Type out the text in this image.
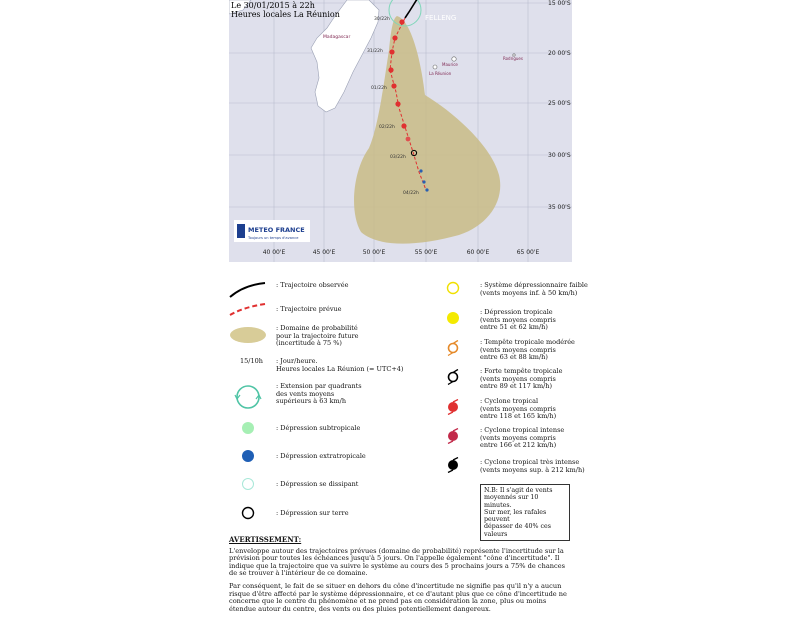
Le 30/01/2015 à 22h
Heures locales La Réunion	FELLENG
Madagascar
Maurice
La Réunion
Rodrigues
30/22h
31/22h
01/22h
02/22h
03/22h
04/22h
15 00'S
20 00'S
25 00'S
30 00'S
35 00'S
40 00'E	45 00'E	50 00'E	55 00'E	60 00'E	65 00'E
METEO FRANCE
Toujours un temps d'avance
15/10h
: Trajectoire observée
: Trajectoire prévue
: Domaine de probabilité
pour la trajectoire future
(incertitude à 75 %)
: Jour/heure.
Heures locales La Réunion (= UTC+4)
: Extension par quadrants
des vents moyens
supérieurs à 63 km/h
: Dépression subtropicale
: Dépression extratropicale
: Dépression se dissipant
: Dépression sur terre
: Système dépressionnaire faible
(vents moyens inf. à 50 km/h)
: Dépression tropicale
(vents moyens compris
entre 51 et 62 km/h)
: Tempête tropicale modérée
(vents moyens compris
entre 63 et 88 km/h)
: Forte tempête tropicale
(vents moyens compris
entre 89 et 117 km/h)
: Cyclone tropical
(vents moyens compris
entre 118 et 165 km/h)
: Cyclone tropical intense
(vents moyens compris
entre 166 et 212 km/h)
: Cyclone tropical très intense
(vents moyens sup. à 212 km/h)
N.B: Il s'agit de vents
moyennés sur 10 minutes.
Sur mer, les rafales peuvent
dépasser de 40% ces valeurs
AVERTISSEMENT:

L'enveloppe autour des trajectoires prévues (domaine de probabilité) représente l'incertitude sur la prévision pour toutes les échéances jusqu'à 5 jours. On l'appelle également "cône d'incertitude". Il indique que la trajectoire que va suivre le système au cours des 5 prochains jours a 75% de chances de se trouver à l'intérieur de ce domaine.

Par conséquent, le fait de se situer en dehors du cône d'incertitude ne signifie pas qu'il n'y a aucun risque d'être affecté par le système dépressionnaire, et ce d'autant plus que ce cône d'incertitude ne concerne que le centre du phénomène et ne prend pas en considération la zone, plus ou moins étendue autour du centre, des vents ou des pluies potentiellement dangereux.
